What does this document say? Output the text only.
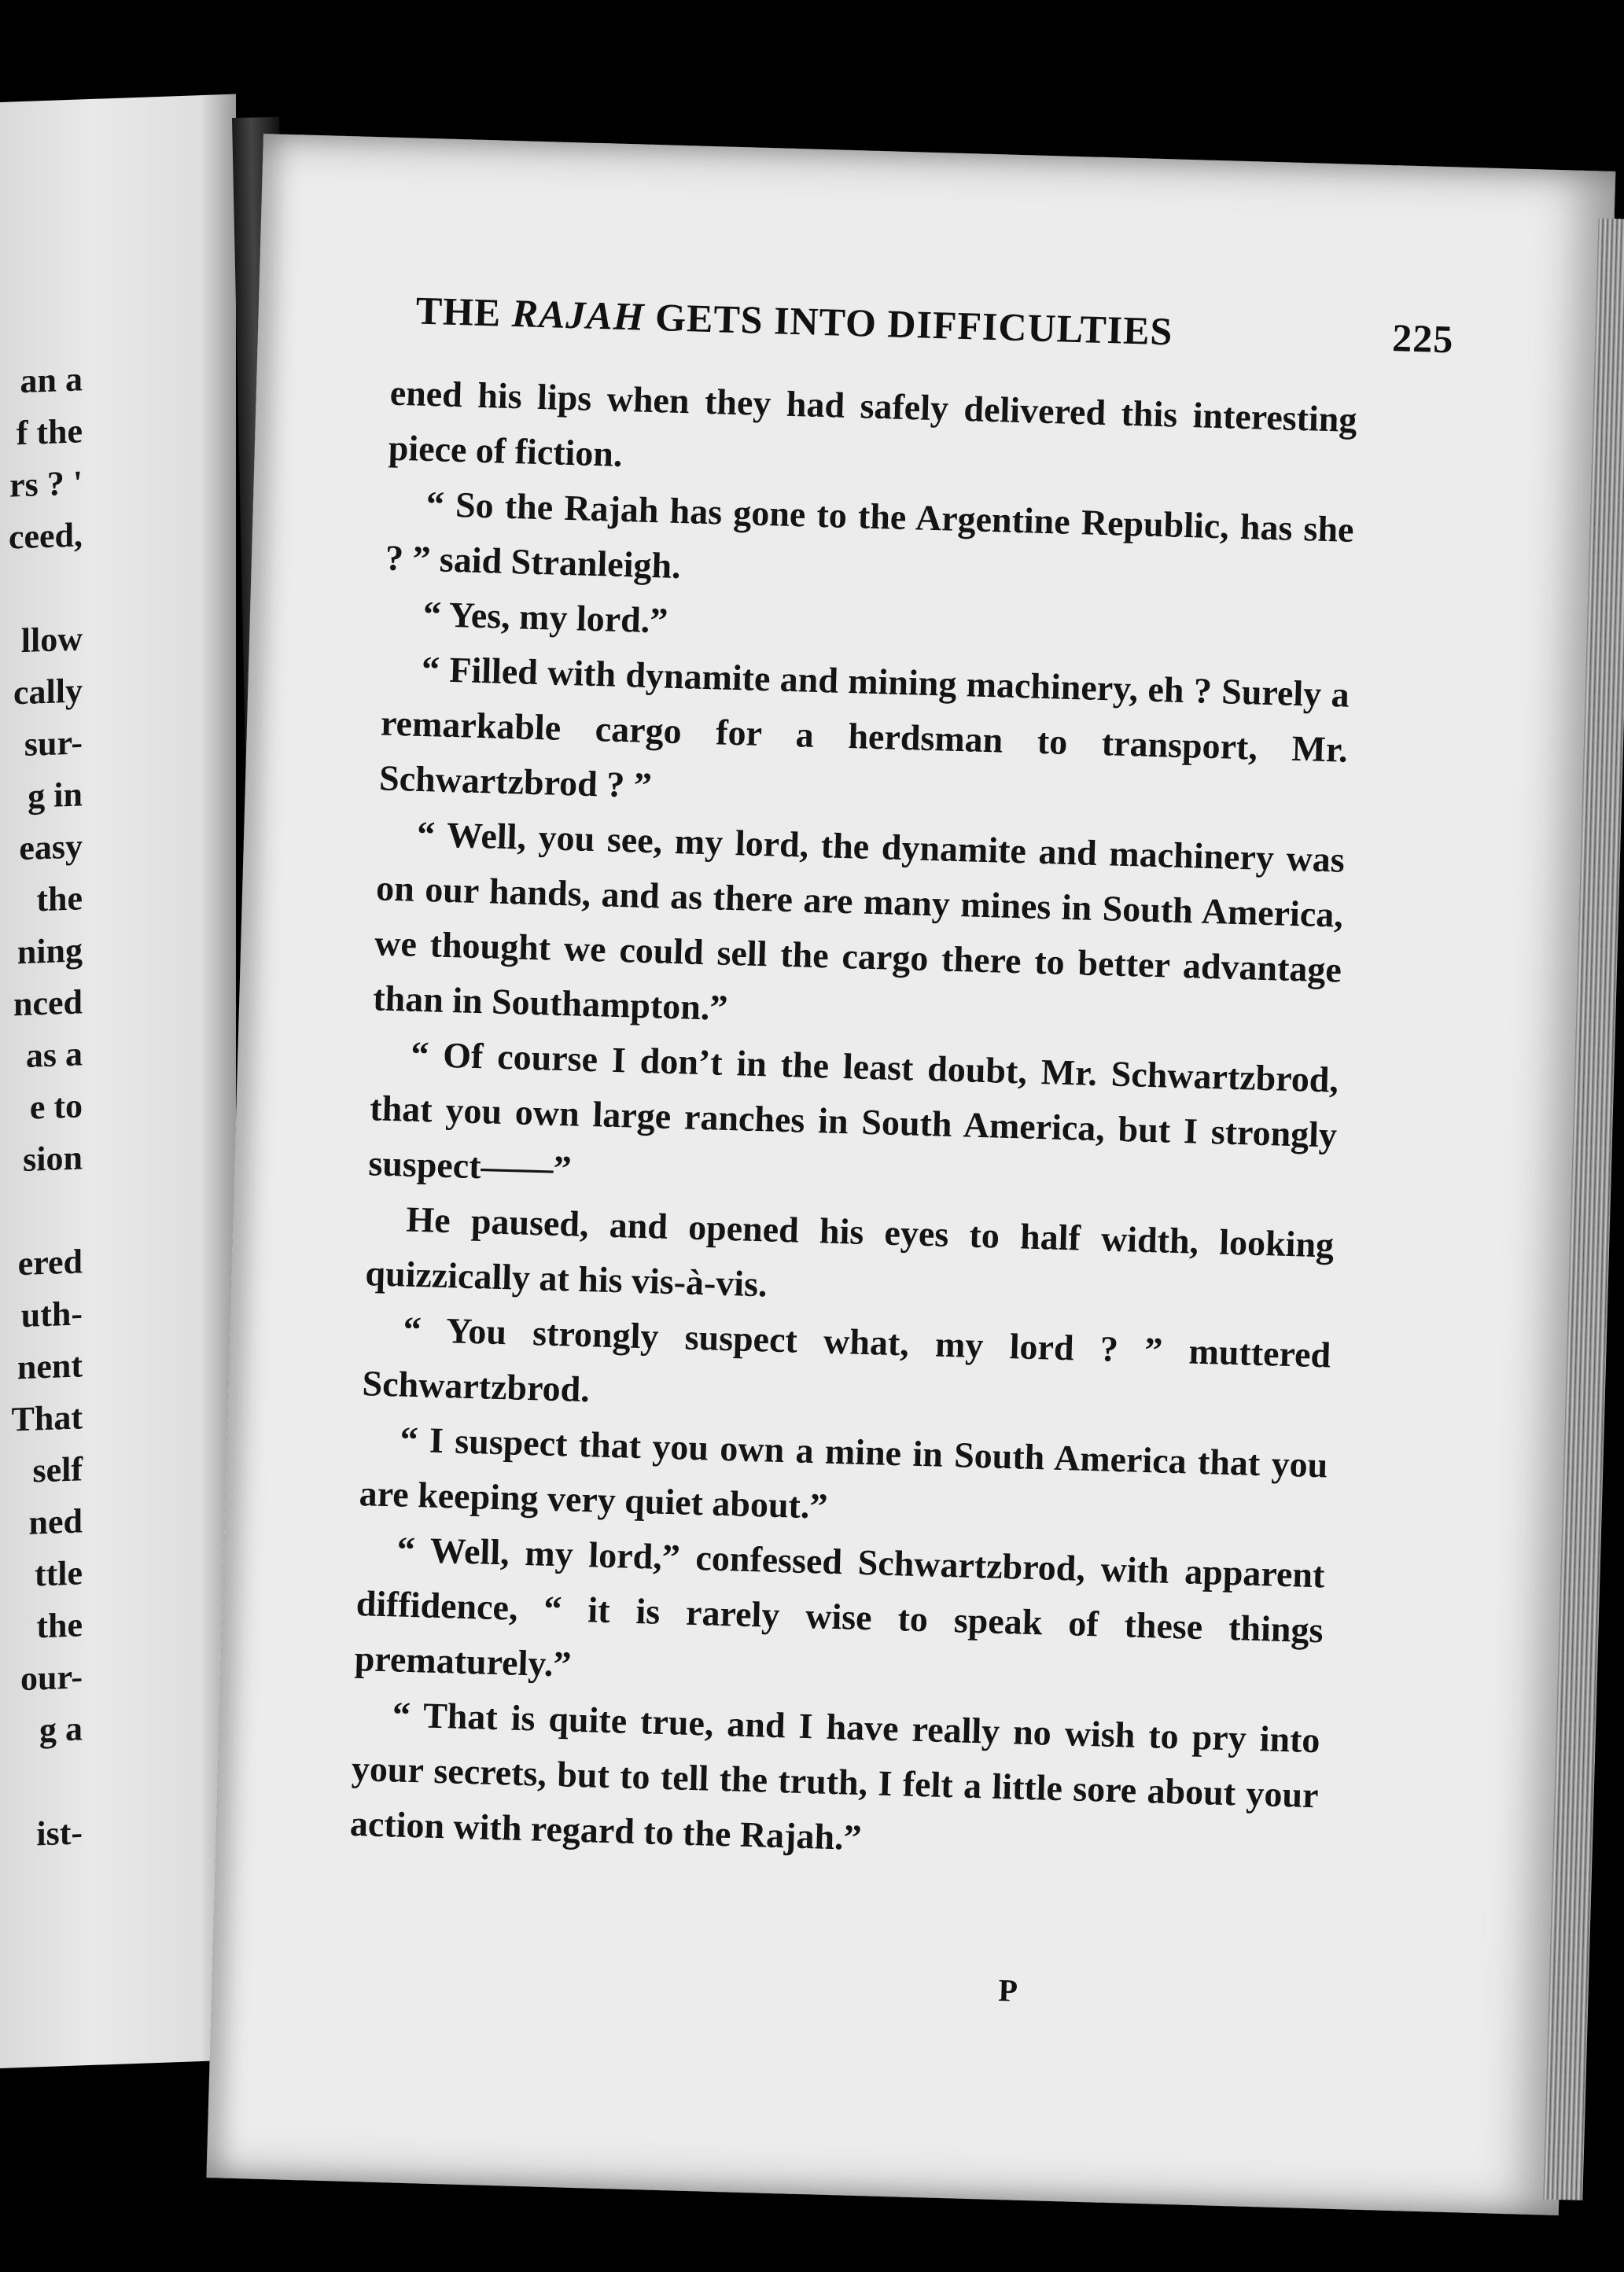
an a
f the
rs ? '
ceed,
llow
cally
sur-
g in
easy
the
ning
nced
as a
e to
sion
ered
uth-
nent
That
self
ned
ttle
the
our-
g a
ist-
THE RAJAH GETS INTO DIFFICULTIES	225

ened his lips when they had safely delivered this interesting piece of fiction.

“ So the Rajah has gone to the Argentine Republic, has she ? ” said Stranleigh.

“ Yes, my lord.”

“ Filled with dynamite and mining machinery, eh ? Surely a remarkable cargo for a herdsman to transport, Mr. Schwartzbrod ? ”

“ Well, you see, my lord, the dynamite and machinery was on our hands, and as there are many mines in South America, we thought we could sell the cargo there to better advantage than in Southampton.”

“ Of course I don’t in the least doubt, Mr. Schwartzbrod, that you own large ranches in South America, but I strongly suspect——”

He paused, and opened his eyes to half width, looking quizzically at his vis-à-vis.

“ You strongly suspect what, my lord ? ” muttered Schwartzbrod.

“ I suspect that you own a mine in South America that you are keeping very quiet about.”

“ Well, my lord,” confessed Schwartzbrod, with apparent diffidence, “ it is rarely wise to speak of these things prematurely.”

“ That is quite true, and I have really no wish to pry into your secrets, but to tell the truth, I felt a little sore about your action with regard to the Rajah.”

P
